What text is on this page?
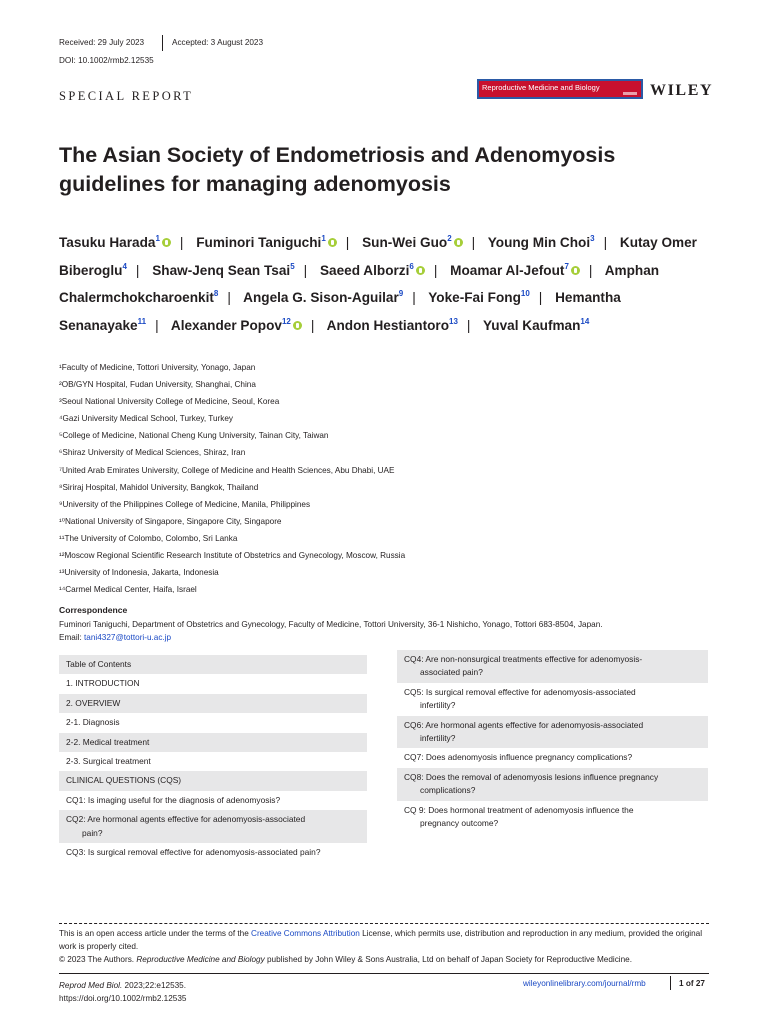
Received: 29 July 2023	Accepted: 3 August 2023
DOI: 10.1002/rmb2.12535
SPECIAL REPORT
Reproductive Medicine and Biology	WILEY
The Asian Society of Endometriosis and Adenomyosis guidelines for managing adenomyosis
Tasuku Harada$^1$ | Fuminori Taniguchi$^1$ | Sun-Wei Guo$^2$ | Young Min Choi$^3$ | Kutay Omer Biberoglu$^4$ | Shaw-Jenq Sean Tsai$^5$ | Saeed Alborzi$^6$ | Moamar Al-Jefout$^7$ | Amphan Chalermchokcharoenkit$^8$ | Angela G. Sison-Aguilar$^9$ | Yoke-Fai Fong$^{10}$ | Hemantha Senanayake$^{11}$ | Alexander Popov$^{12}$ | Andon Hestiantoro$^{13}$ | Yuval Kaufman$^{14}$
¹Faculty of Medicine, Tottori University, Yonago, Japan
²OB/GYN Hospital, Fudan University, Shanghai, China
³Seoul National University College of Medicine, Seoul, Korea
⁴Gazi University Medical School, Turkey, Turkey
⁵College of Medicine, National Cheng Kung University, Tainan City, Taiwan
⁶Shiraz University of Medical Sciences, Shiraz, Iran
⁷United Arab Emirates University, College of Medicine and Health Sciences, Abu Dhabi, UAE
⁸Siriraj Hospital, Mahidol University, Bangkok, Thailand
⁹University of the Philippines College of Medicine, Manila, Philippines
¹⁰National University of Singapore, Singapore City, Singapore
¹¹The University of Colombo, Colombo, Sri Lanka
¹²Moscow Regional Scientific Research Institute of Obstetrics and Gynecology, Moscow, Russia
¹³University of Indonesia, Jakarta, Indonesia
¹⁴Carmel Medical Center, Haifa, Israel
Correspondence
Fuminori Taniguchi, Department of Obstetrics and Gynecology, Faculty of Medicine, Tottori University, 36-1 Nishicho, Yonago, Tottori 683-8504, Japan.
Email: tani4327@tottori-u.ac.jp
Table of Contents
1. INTRODUCTION
2. OVERVIEW
2-1. Diagnosis
2-2. Medical treatment
2-3. Surgical treatment
CLINICAL QUESTIONS (CQS)
CQ1: Is imaging useful for the diagnosis of adenomyosis?
CQ2: Are hormonal agents effective for adenomyosis-associated
pain?
CQ3: Is surgical removal effective for adenomyosis-associated pain?
CQ4: Are non-nonsurgical treatments effective for adenomyosis-
associated pain?
CQ5: Is surgical removal effective for adenomyosis-associated
infertility?
CQ6: Are hormonal agents effective for adenomyosis-associated
infertility?
CQ7: Does adenomyosis influence pregnancy complications?
CQ8: Does the removal of adenomyosis lesions influence pregnancy
complications?
CQ 9: Does hormonal treatment of adenomyosis influence the
pregnancy outcome?
This is an open access article under the terms of the Creative Commons Attribution License, which permits use, distribution and reproduction in any medium, provided the original work is properly cited.
© 2023 The Authors. Reproductive Medicine and Biology published by John Wiley & Sons Australia, Ltd on behalf of Japan Society for Reproductive Medicine.
Reprod Med Biol. 2023;22:e12535.
https://doi.org/10.1002/rmb2.12535
wileyonlinelibrary.com/journal/rmb	1 of 27
